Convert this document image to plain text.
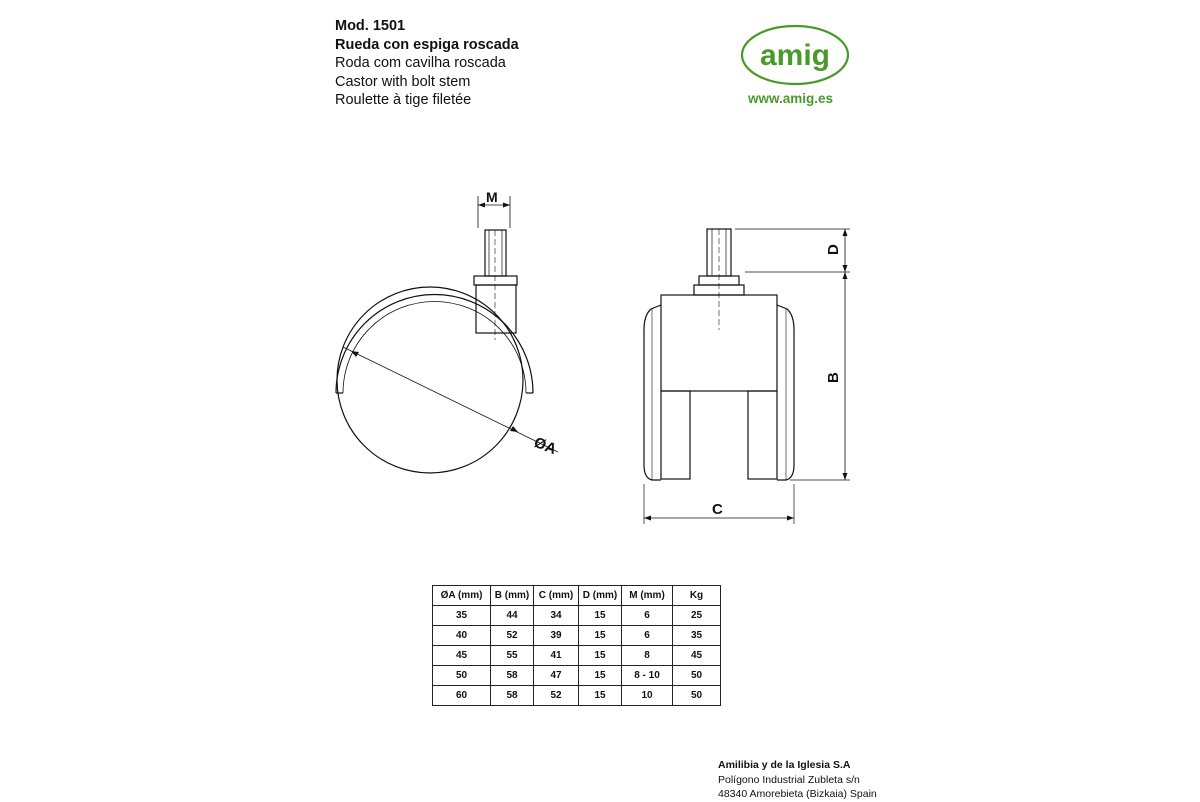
Mod. 1501
Rueda con espiga roscada
Roda com cavilha roscada
Castor with bolt stem
Roulette à tige filetée
amig
www.amig.es
M
ØA
D
B
C
ØA (mm)	B (mm)	C (mm)	D (mm)	M (mm)	Kg
35	44	34	15	6	25
40	52	39	15	6	35
45	55	41	15	8	45
50	58	47	15	8 - 10	50
60	58	52	15	10	50
Amilibia y de la Iglesia S.A
Polígono Industrial Zubleta s/n
48340 Amorebieta (Bizkaia) Spain
